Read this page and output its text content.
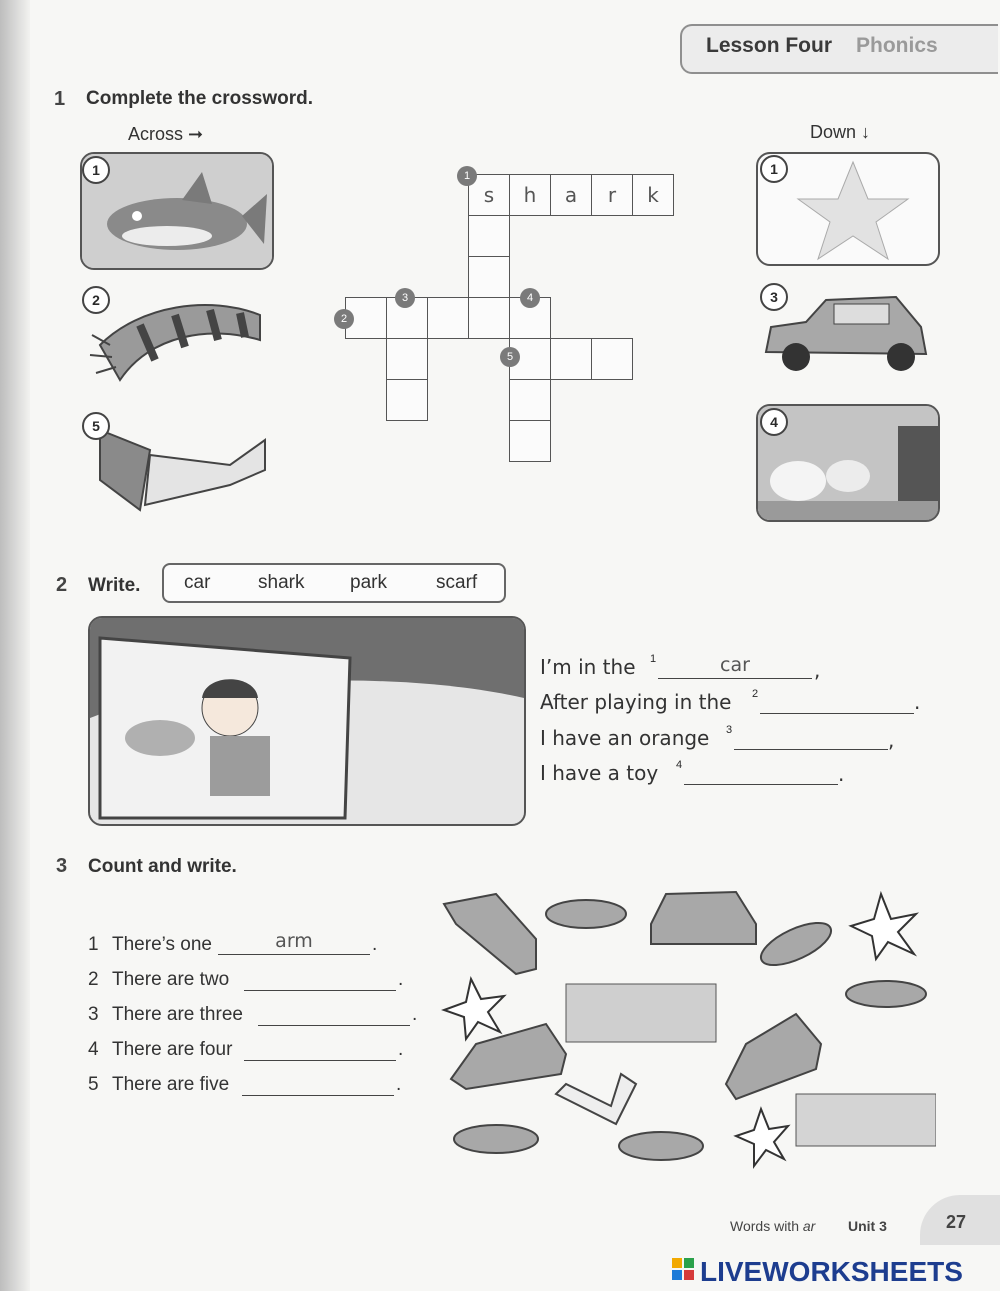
Lesson Four Phonics
1 Complete the crossword.
Across ➞	Down ↓
1
2
5
1
3
4
s	h	a	r	k
1
2
3	4
5
2 Write. car	shark park	scarf
I’m in the 1	car	,
After playing in the 2	.
I have an orange 3	,
I have a toy 4	.
3 Count and write.
1 There’s one	arm	.
2 There are two	.
3 There are three	.
4 There are four	.
5 There are five	.
Words with ar Unit 3	27
LIVEWORKSHEETS
